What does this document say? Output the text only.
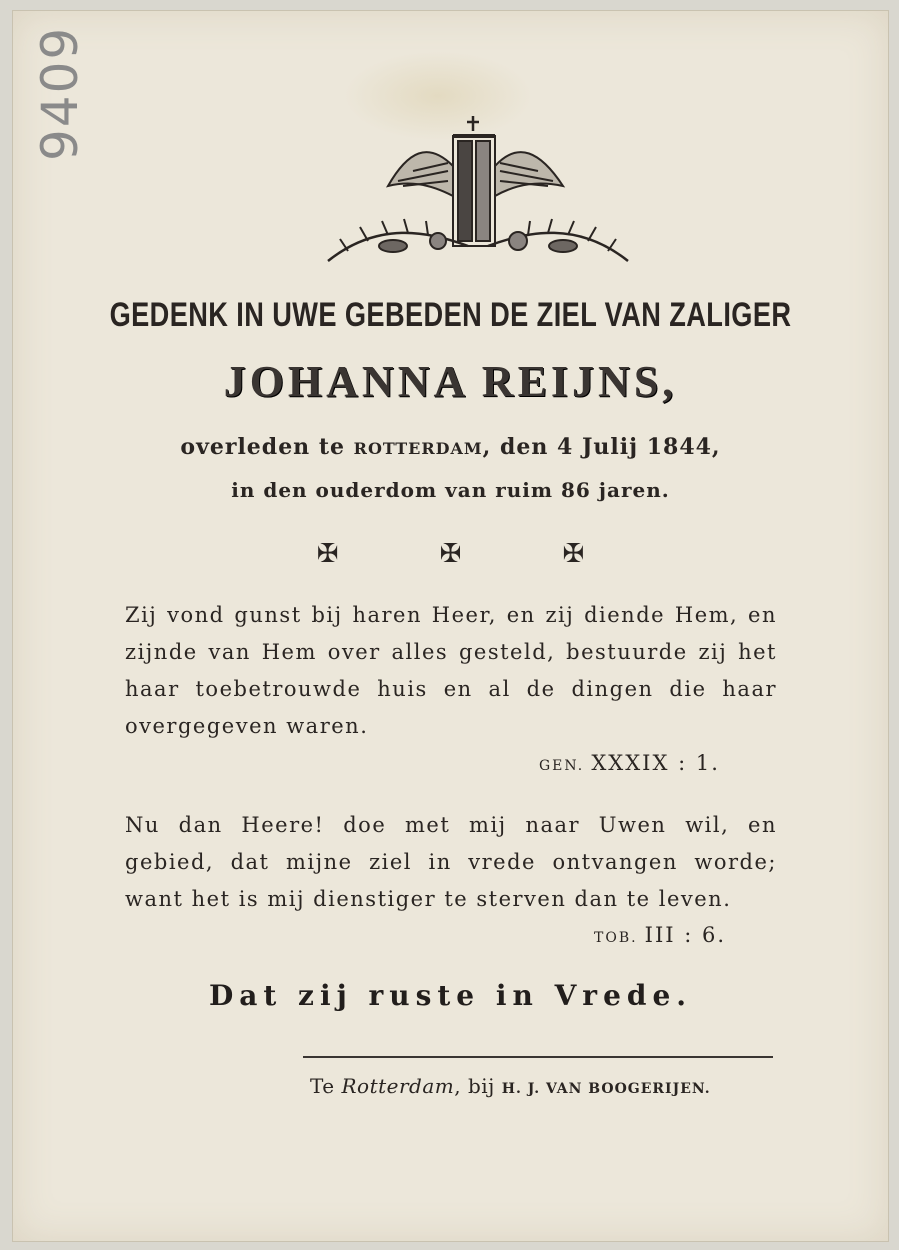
9409
GEDENK IN UWE GEBEDEN DE ZIEL VAN ZALIGER
JOHANNA REIJNS,
overleden te ROTTERDAM, den 4 Julij 1844,
in den ouderdom van ruim 86 jaren.
✠	✠	✠
Zij vond gunst bij haren Heer, en zij diende Hem, en zijnde van Hem over alles gesteld, bestuurde zij het haar toebetrouwde huis en al de dingen die haar overgegeven waren.
GEN. XXXIX : 1.
Nu dan Heere! doe met mij naar Uwen wil, en gebied, dat mijne ziel in vrede ontvangen worde; want het is mij dienstiger te sterven dan te leven.
TOB. III : 6.
Dat zij ruste in Vrede.
Te Rotterdam, bij H. J. VAN BOOGERIJEN.
